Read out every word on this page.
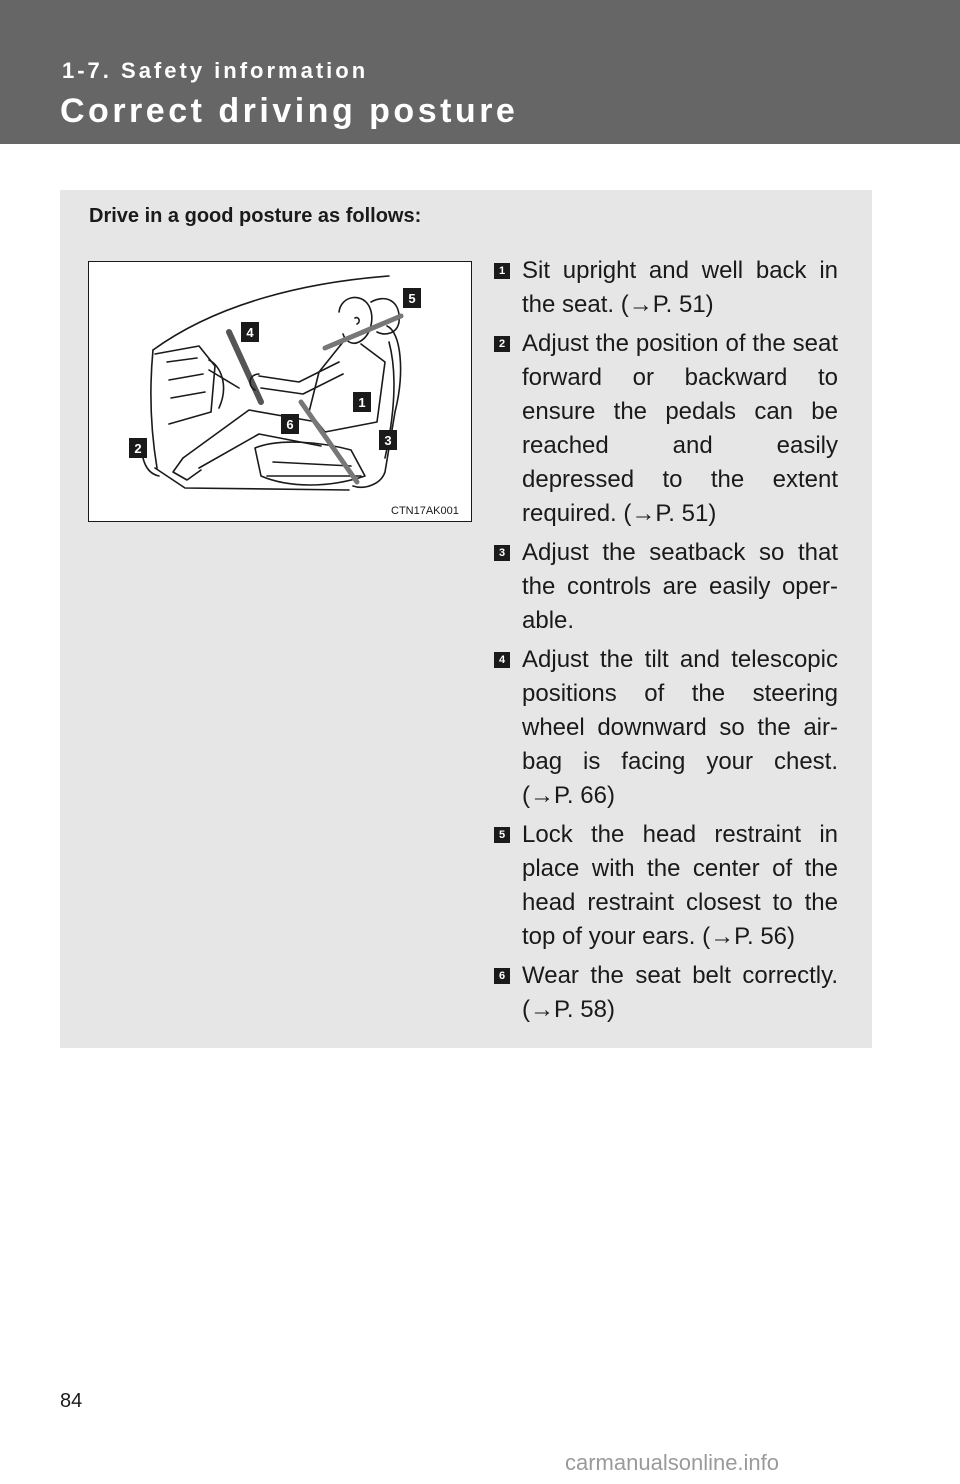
1-7. Safety information
Correct driving posture
Drive in a good posture as follows:
5
4
1
6
3
2
CTN17AK001
1 Sit upright and well back in the seat. (→P. 51)
2 Adjust the position of the seat forward or backward to ensure the pedals can be reached and easily depressed to the extent required. (→P. 51)
3 Adjust the seatback so that the controls are easily oper-able.
4 Adjust the tilt and telescopic positions of the steering wheel downward so the air-bag is facing your chest. (→P. 66)
5 Lock the head restraint in place with the center of the head restraint closest to the top of your ears. (→P. 56)
6 Wear the seat belt correctly. (→P. 58)
84
carmanualsonline.info
